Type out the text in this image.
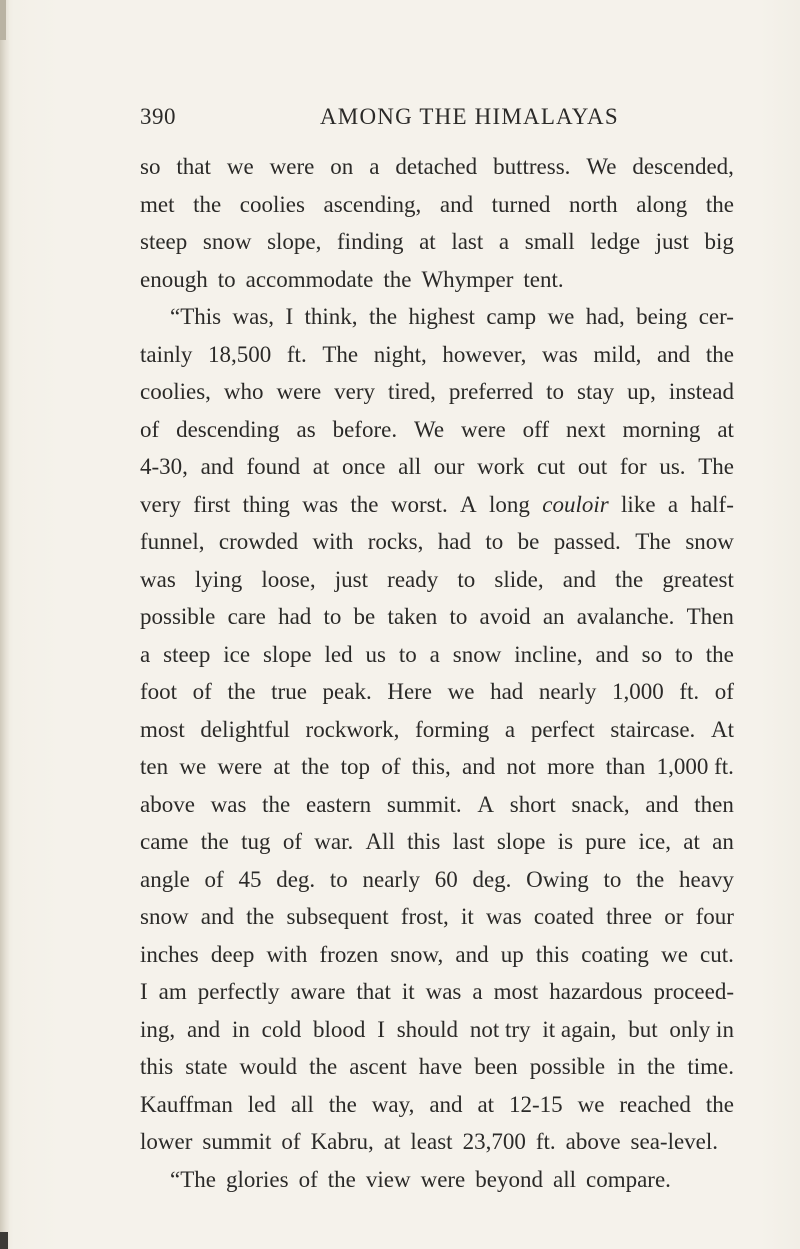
390	AMONG THE HIMALAYAS
so that we were on a detached buttress. We descended,
met the coolies ascending, and turned north along the
steep snow slope, finding at last a small ledge just big
enough to accommodate the Whymper tent.
“This was, I think, the highest camp we had, being cer-
tainly 18,500 ft. The night, however, was mild, and the
coolies, who were very tired, preferred to stay up, instead
of descending as before. We were off next morning at
4-30, and found at once all our work cut out for us. The
very first thing was the worst. A long couloir like a half-
funnel, crowded with rocks, had to be passed. The snow
was lying loose, just ready to slide, and the greatest
possible care had to be taken to avoid an avalanche. Then
a steep ice slope led us to a snow incline, and so to the
foot of the true peak. Here we had nearly 1,000 ft. of
most delightful rockwork, forming a perfect staircase. At
ten we were at the top of this, and not more than 1,000 ft.
above was the eastern summit. A short snack, and then
came the tug of war. All this last slope is pure ice, at an
angle of 45 deg. to nearly 60 deg. Owing to the heavy
snow and the subsequent frost, it was coated three or four
inches deep with frozen snow, and up this coating we cut.
I am perfectly aware that it was a most hazardous proceed-
ing, and in cold blood I should not try it again, but only in
this state would the ascent have been possible in the time.
Kauffman led all the way, and at 12-15 we reached the
lower summit of Kabru, at least 23,700 ft. above sea-level.
“The glories of the view were beyond all compare.
